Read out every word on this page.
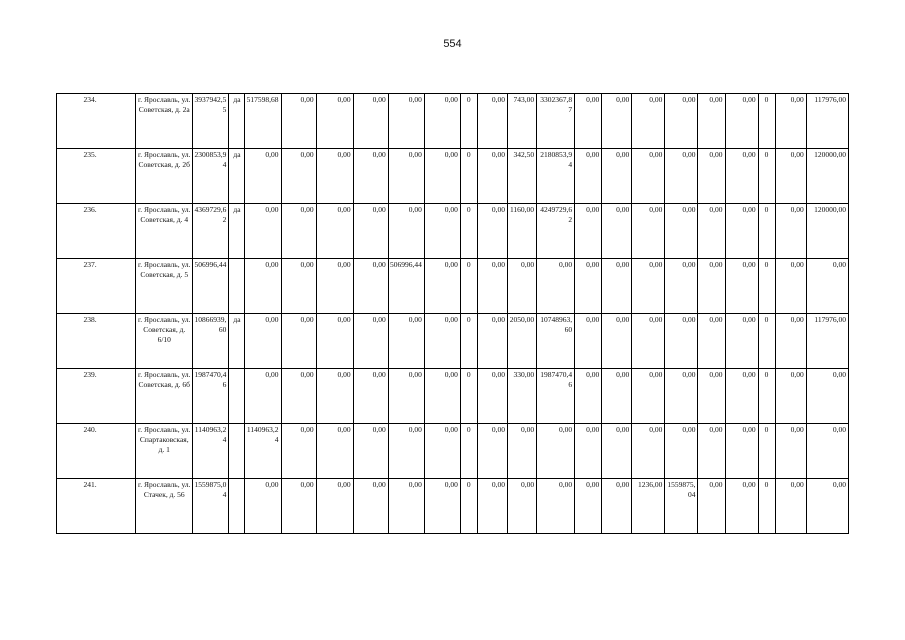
554
234.	г. Ярославль, ул. Советская, д. 2а	3937942,55	да	517598,68	0,00	0,00	0,00	0,00	0,00	0	0,00	743,00	3302367,87	0,00	0,00	0,00	0,00	0,00	0,00	0	0,00	117976,00
235.	г. Ярославль, ул. Советская, д. 2б	2300853,94	да	0,00	0,00	0,00	0,00	0,00	0,00	0	0,00	342,50	2180853,94	0,00	0,00	0,00	0,00	0,00	0,00	0	0,00	120000,00
236.	г. Ярославль, ул. Советская, д. 4	4369729,62	да	0,00	0,00	0,00	0,00	0,00	0,00	0	0,00	1160,00	4249729,62	0,00	0,00	0,00	0,00	0,00	0,00	0	0,00	120000,00
237.	г. Ярославль, ул. Советская, д. 5	506996,44		0,00	0,00	0,00	0,00	506996,44	0,00	0	0,00	0,00	0,00	0,00	0,00	0,00	0,00	0,00	0,00	0	0,00	0,00
238.	г. Ярославль, ул. Советская, д. 6/10	10866939,60	да	0,00	0,00	0,00	0,00	0,00	0,00	0	0,00	2050,00	10748963,60	0,00	0,00	0,00	0,00	0,00	0,00	0	0,00	117976,00
239.	г. Ярославль, ул. Советская, д. 6б	1987470,46		0,00	0,00	0,00	0,00	0,00	0,00	0	0,00	330,00	1987470,46	0,00	0,00	0,00	0,00	0,00	0,00	0	0,00	0,00
240.	г. Ярославль, ул. Спартаковская, д. 1	1140963,24		1140963,24	0,00	0,00	0,00	0,00	0,00	0	0,00	0,00	0,00	0,00	0,00	0,00	0,00	0,00	0,00	0	0,00	0,00
241.	г. Ярославль, ул. Стачек, д. 56	1559875,04		0,00	0,00	0,00	0,00	0,00	0,00	0	0,00	0,00	0,00	0,00	0,00	1236,00	1559875,04	0,00	0,00	0	0,00	0,00
